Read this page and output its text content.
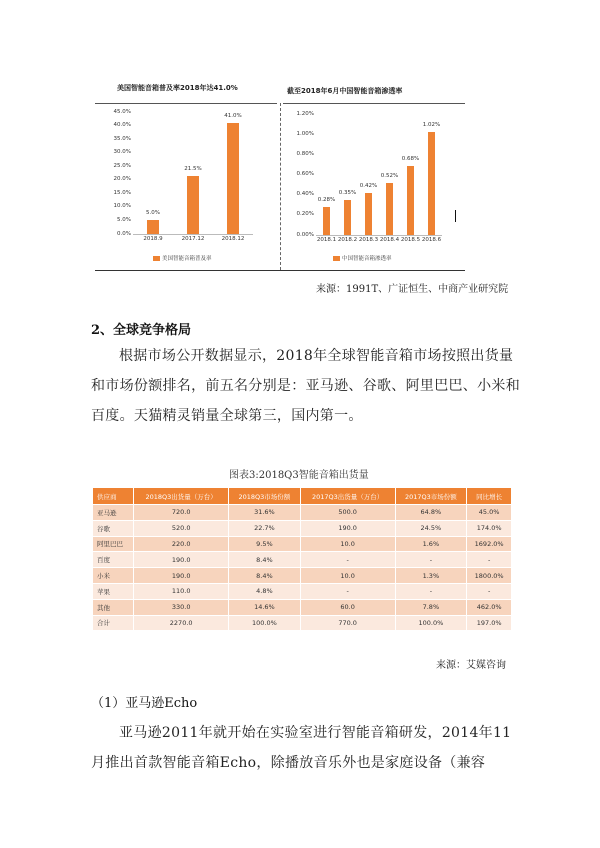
美国智能音箱普及率2018年达41.0%
美国智能音箱普及率
45.0%
40.0%
35.0%
30.0%
25.0%
20.0%
15.0%
10.0%
5.0%
0.0%
5.0%
2018.9
21.5%
2017.12
41.0%
2018.12
截至2018年6月中国智能音箱渗透率
中国智能音箱渗透率
1.20%
1.00%
0.80%
0.60%
0.40%
0.20%
0.00%
0.28%
2018.1
0.35%
2018.2
0.42%
2018.3
0.52%
2018.4
0.68%
2018.5
1.02%
2018.6
来源：1991T、广证恒生、中商产业研究院
2、全球竞争格局
根据市场公开数据显示，2018年全球智能音箱市场按照出货量和市场份额排名，前五名分别是：亚马逊、谷歌、阿里巴巴、小米和百度。天猫精灵销量全球第三，国内第一。
图表3:2018Q3智能音箱出货量
供应商	2018Q3出货量（万台）	2018Q3市场份额	2017Q3出货量（万台）	2017Q3市场份额	同比增长
亚马逊	720.0	31.6%	500.0	64.8%	45.0%
谷歌	520.0	22.7%	190.0	24.5%	174.0%
阿里巴巴	220.0	9.5%	10.0	1.6%	1692.0%
百度	190.0	8.4%	-	-	-
小米	190.0	8.4%	10.0	1.3%	1800.0%
苹果	110.0	4.8%	-	-	-
其他	330.0	14.6%	60.0	7.8%	462.0%
合计	2270.0	100.0%	770.0	100.0%	197.0%
来源：艾媒咨询
（1）亚马逊Echo
亚马逊2011年就开始在实验室进行智能音箱研发，2014年11月推出首款智能音箱Echo，除播放音乐外也是家庭设备（兼容
